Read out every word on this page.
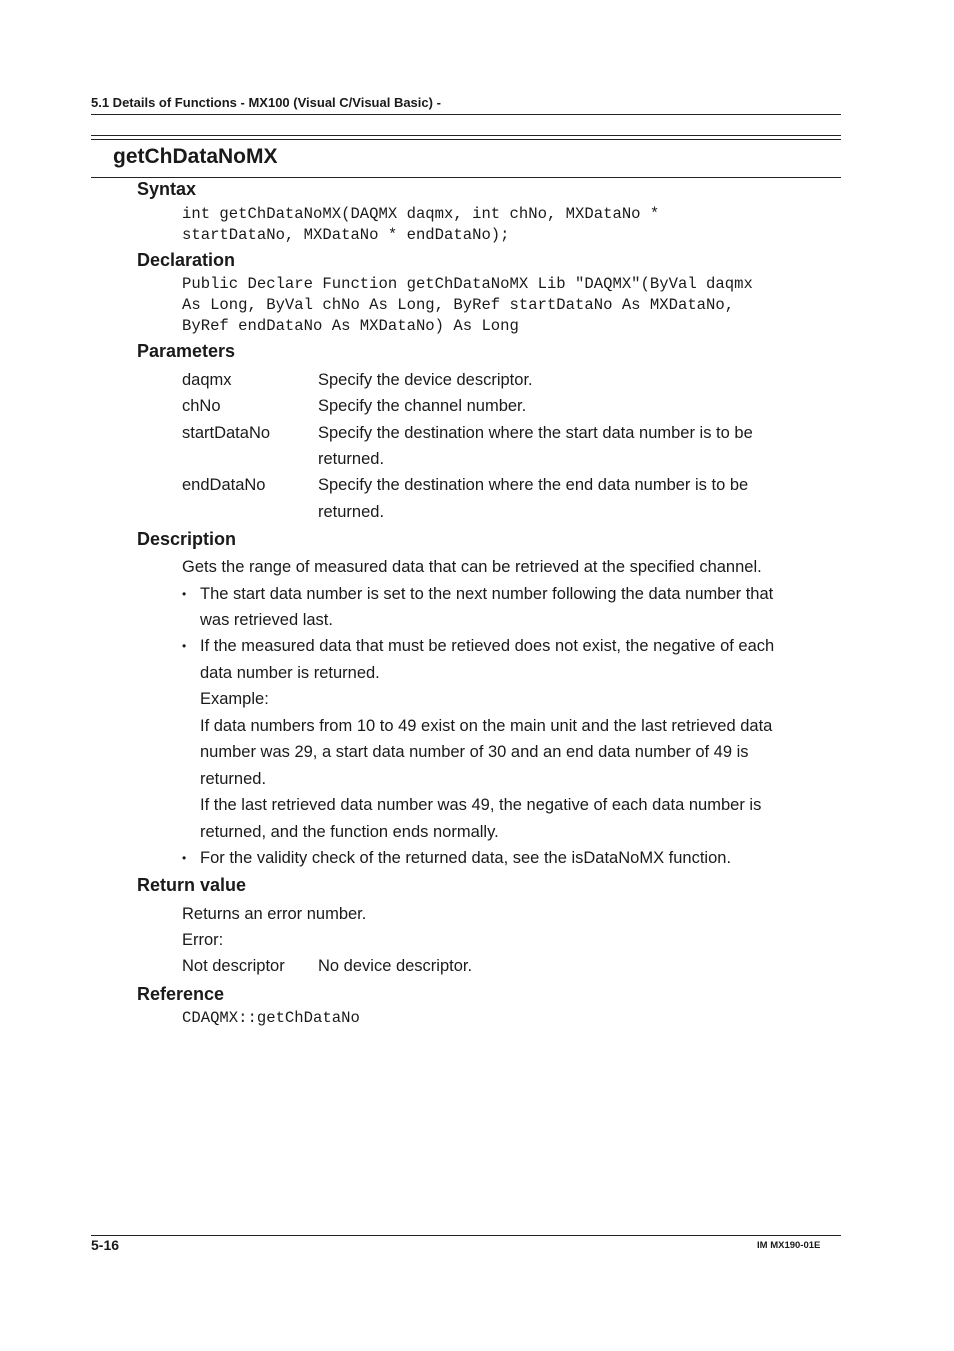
5.1 Details of Functions - MX100 (Visual C/Visual Basic) -
getChDataNoMX
Syntax
int getChDataNoMX(DAQMX daqmx, int chNo, MXDataNo *
startDataNo, MXDataNo * endDataNo);
Declaration
Public Declare Function getChDataNoMX Lib "DAQMX"(ByVal daqmx
As Long, ByVal chNo As Long, ByRef startDataNo As MXDataNo,
ByRef endDataNo As MXDataNo) As Long
Parameters
daqmx	Specify the device descriptor.
chNo	Specify the channel number.
startDataNo	Specify the destination where the start data number is to be
returned.
endDataNo	Specify the destination where the end data number is to be
returned.
Description
Gets the range of measured data that can be retrieved at the specified channel.
• The start data number is set to the next number following the data number that
was retrieved last.
• If the measured data that must be retieved does not exist, the negative of each
data number is returned.
Example:
If data numbers from 10 to 49 exist on the main unit and the last retrieved data
number was 29, a start data number of 30 and an end data number of 49 is
returned.
If the last retrieved data number was 49, the negative of each data number is
returned, and the function ends normally.
• For the validity check of the returned data, see the isDataNoMX function.
Return value
Returns an error number.
Error:
Not descriptor No device descriptor.
Reference
CDAQMX::getChDataNo
5-16	IM MX190-01E
